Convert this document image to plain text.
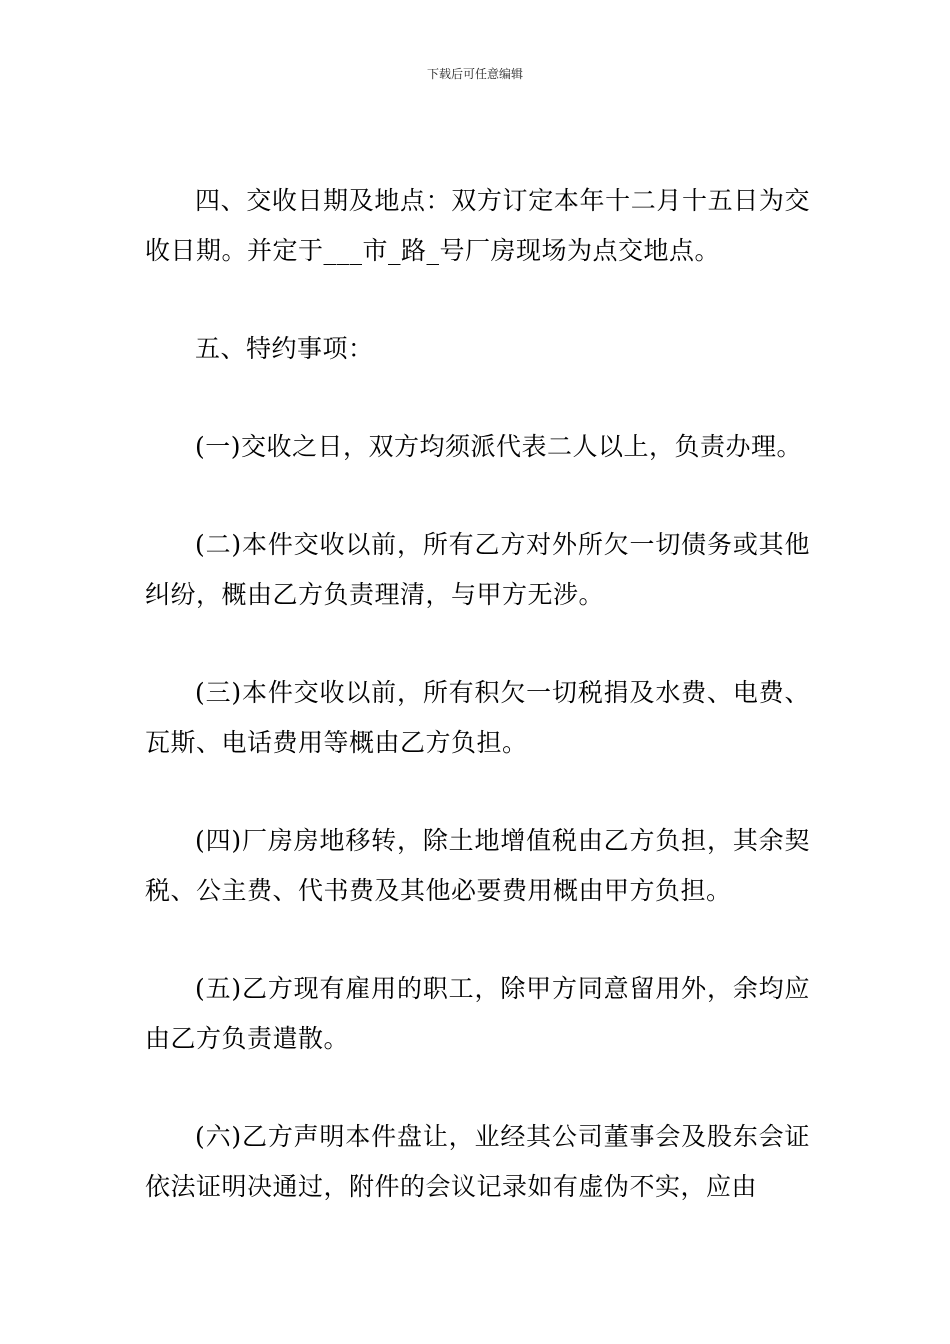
下载后可任意编辑

四、交收日期及地点：双方订定本年十二月十五日为交收日期。并定于___市_路_号厂房现场为点交地点。

五、特约事项：

(一)交收之日，双方均须派代表二人以上，负责办理。

(二)本件交收以前，所有乙方对外所欠一切债务或其他纠纷，概由乙方负责理清，与甲方无涉。

(三)本件交收以前，所有积欠一切税捐及水费、电费、瓦斯、电话费用等概由乙方负担。

(四)厂房房地移转，除土地增值税由乙方负担，其余契税、公主费、代书费及其他必要费用概由甲方负担。

(五)乙方现有雇用的职工，除甲方同意留用外，余均应由乙方负责遣散。

(六)乙方声明本件盘让，业经其公司董事会及股东会证依法证明决通过，附件的会议记录如有虚伪不实，应由
